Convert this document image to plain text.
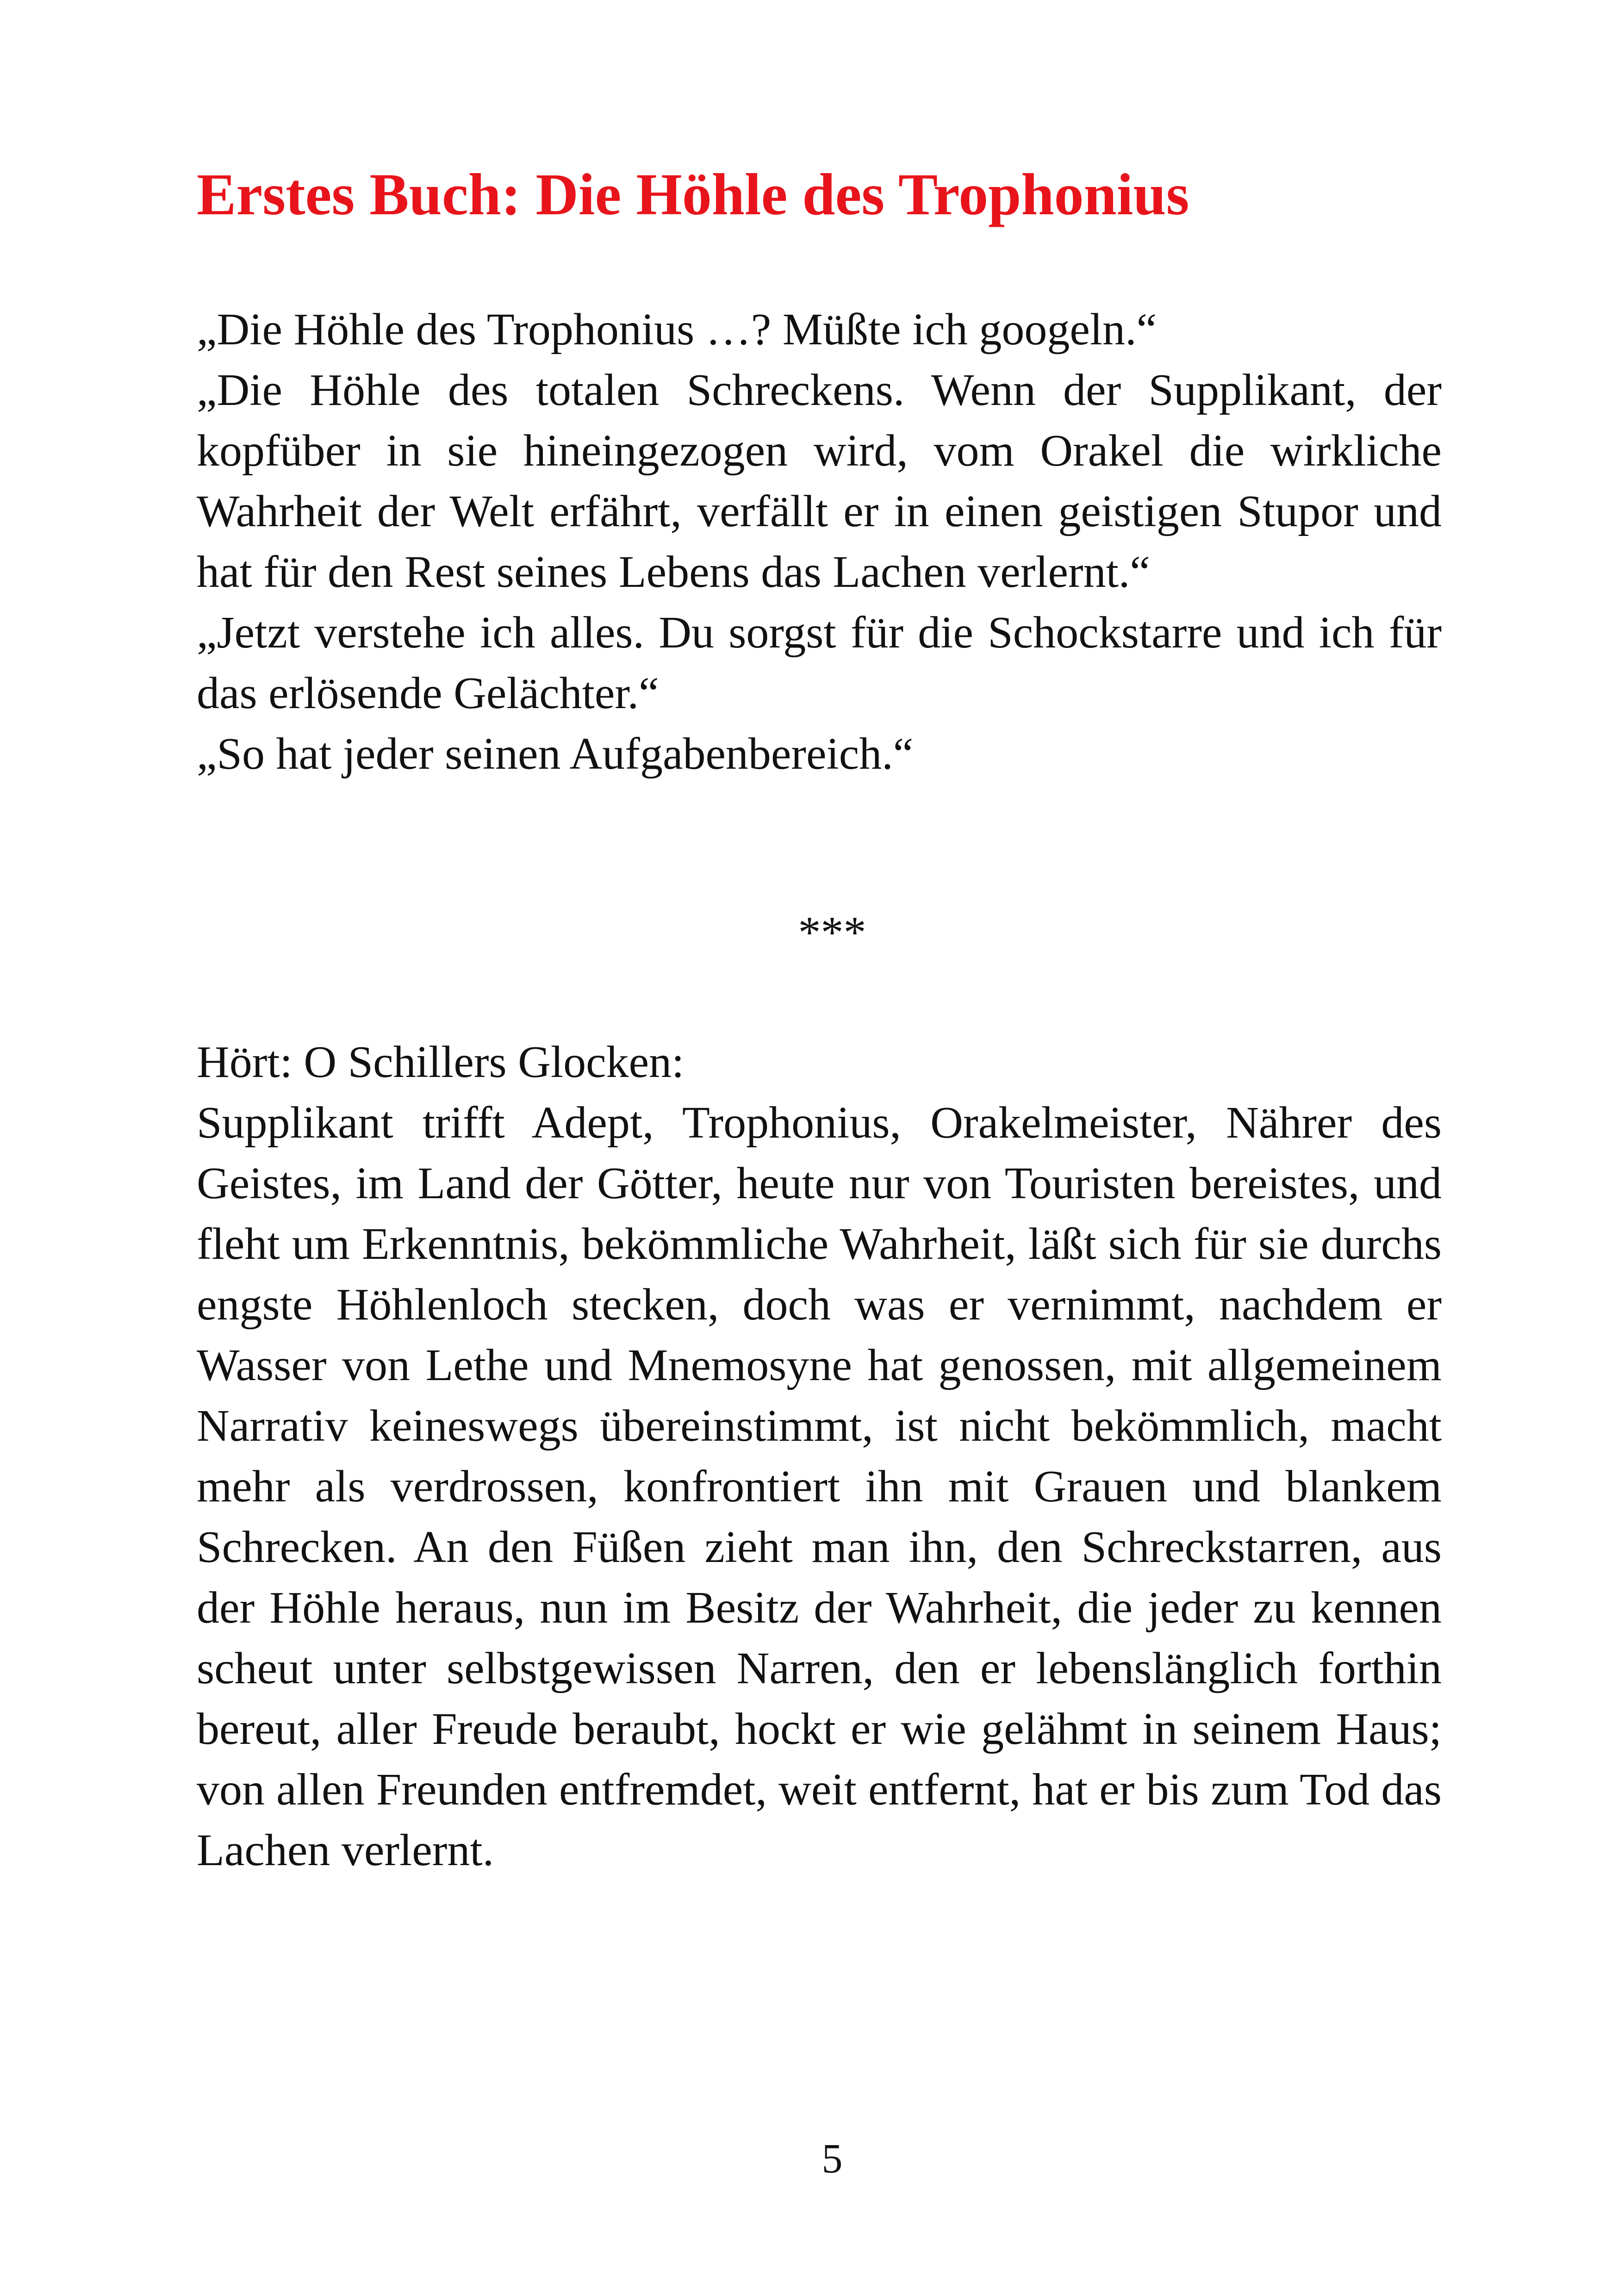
Erstes Buch: Die Höhle des Trophonius

„Die Höhle des Trophonius …? Müßte ich googeln.“

„Die Höhle des totalen Schreckens. Wenn der Supplikant, der kopfüber in sie hineingezogen wird, vom Orakel die wirkliche Wahrheit der Welt erfährt, verfällt er in einen geistigen Stupor und hat für den Rest seines Lebens das Lachen verlernt.“

„Jetzt verstehe ich alles. Du sorgst für die Schockstarre und ich für das erlösende Gelächter.“

„So hat jeder seinen Aufgabenbereich.“

***

Hört: O Schillers Glocken:

Supplikant trifft Adept, Trophonius, Orakelmeister, Nährer des Geistes, im Land der Götter, heute nur von Touristen bereistes, und fleht um Erkenntnis, bekömmliche Wahrheit, läßt sich für sie durchs engste Höhlenloch stecken, doch was er vernimmt, nachdem er Wasser von Lethe und Mnemosyne hat genossen, mit allgemeinem Narrativ keineswegs übereinstimmt, ist nicht bekömmlich, macht mehr als verdrossen, konfrontiert ihn mit Grauen und blankem Schrecken. An den Füßen zieht man ihn, den Schreckstarren, aus der Höhle heraus, nun im Besitz der Wahrheit, die jeder zu kennen scheut unter selbstgewissen Narren, den er lebenslänglich forthin bereut, aller Freude beraubt, hockt er wie gelähmt in seinem Haus; von allen Freunden entfremdet, weit entfernt, hat er bis zum Tod das Lachen verlernt.

5
